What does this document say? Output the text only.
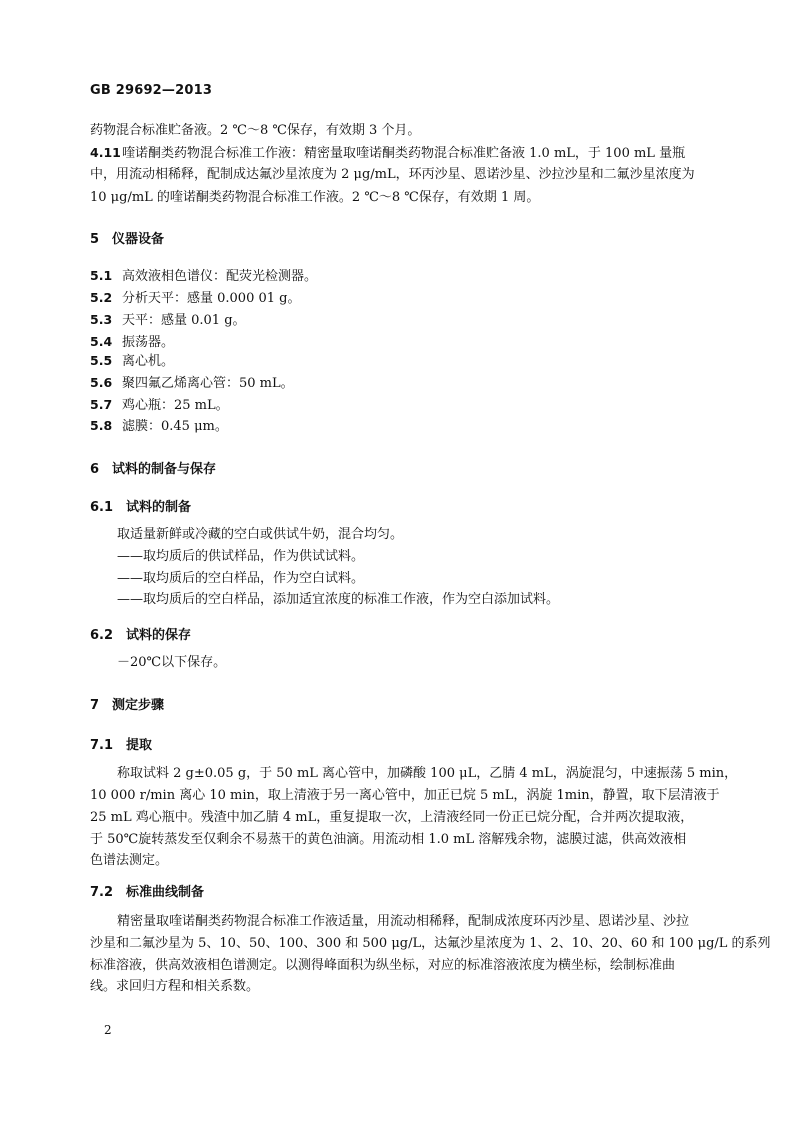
GB 29692—2013
药物混合标准贮备液。2 ℃～8 ℃保存，有效期 3 个月。
4.11喹诺酮类药物混合标准工作液：精密量取喹诺酮类药物混合标准贮备液 1.0 mL，于 100 mL 量瓶
中，用流动相稀释，配制成达氟沙星浓度为 2 μg/mL，环丙沙星、恩诺沙星、沙拉沙星和二氟沙星浓度为
10 μg/mL 的喹诺酮类药物混合标准工作液。2 ℃～8 ℃保存，有效期 1 周。
5 仪器设备
5.1 高效液相色谱仪：配荧光检测器。
5.2 分析天平：感量 0.000 01 g。
5.3 天平：感量 0.01 g。
5.4 振荡器。
5.5 离心机。
5.6 聚四氟乙烯离心管：50 mL。
5.7 鸡心瓶：25 mL。
5.8 滤膜：0.45 μm。
6 试料的制备与保存
6.1 试料的制备
取适量新鲜或冷藏的空白或供试牛奶，混合均匀。
——取均质后的供试样品，作为供试试料。
——取均质后的空白样品，作为空白试料。
——取均质后的空白样品，添加适宜浓度的标准工作液，作为空白添加试料。
6.2 试料的保存
－20℃以下保存。
7 测定步骤
7.1 提取
称取试料 2 g±0.05 g，于 50 mL 离心管中，加磷酸 100 μL，乙腈 4 mL，涡旋混匀，中速振荡 5 min，
10 000 r/min 离心 10 min，取上清液于另一离心管中，加正已烷 5 mL，涡旋 1min，静置，取下层清液于
25 mL 鸡心瓶中。残渣中加乙腈 4 mL，重复提取一次，上清液经同一份正已烷分配，合并两次提取液，
于 50℃旋转蒸发至仅剩余不易蒸干的黄色油滴。用流动相 1.0 mL 溶解残余物，滤膜过滤，供高效液相
色谱法测定。
7.2 标准曲线制备
精密量取喹诺酮类药物混合标准工作液适量，用流动相稀释，配制成浓度环丙沙星、恩诺沙星、沙拉
沙星和二氟沙星为 5、10、50、100、300 和 500 μg/L，达氟沙星浓度为 1、2、10、20、60 和 100 μg/L 的系列
标准溶液，供高效液相色谱测定。以测得峰面积为纵坐标，对应的标准溶液浓度为横坐标，绘制标准曲
线。求回归方程和相关系数。
2
